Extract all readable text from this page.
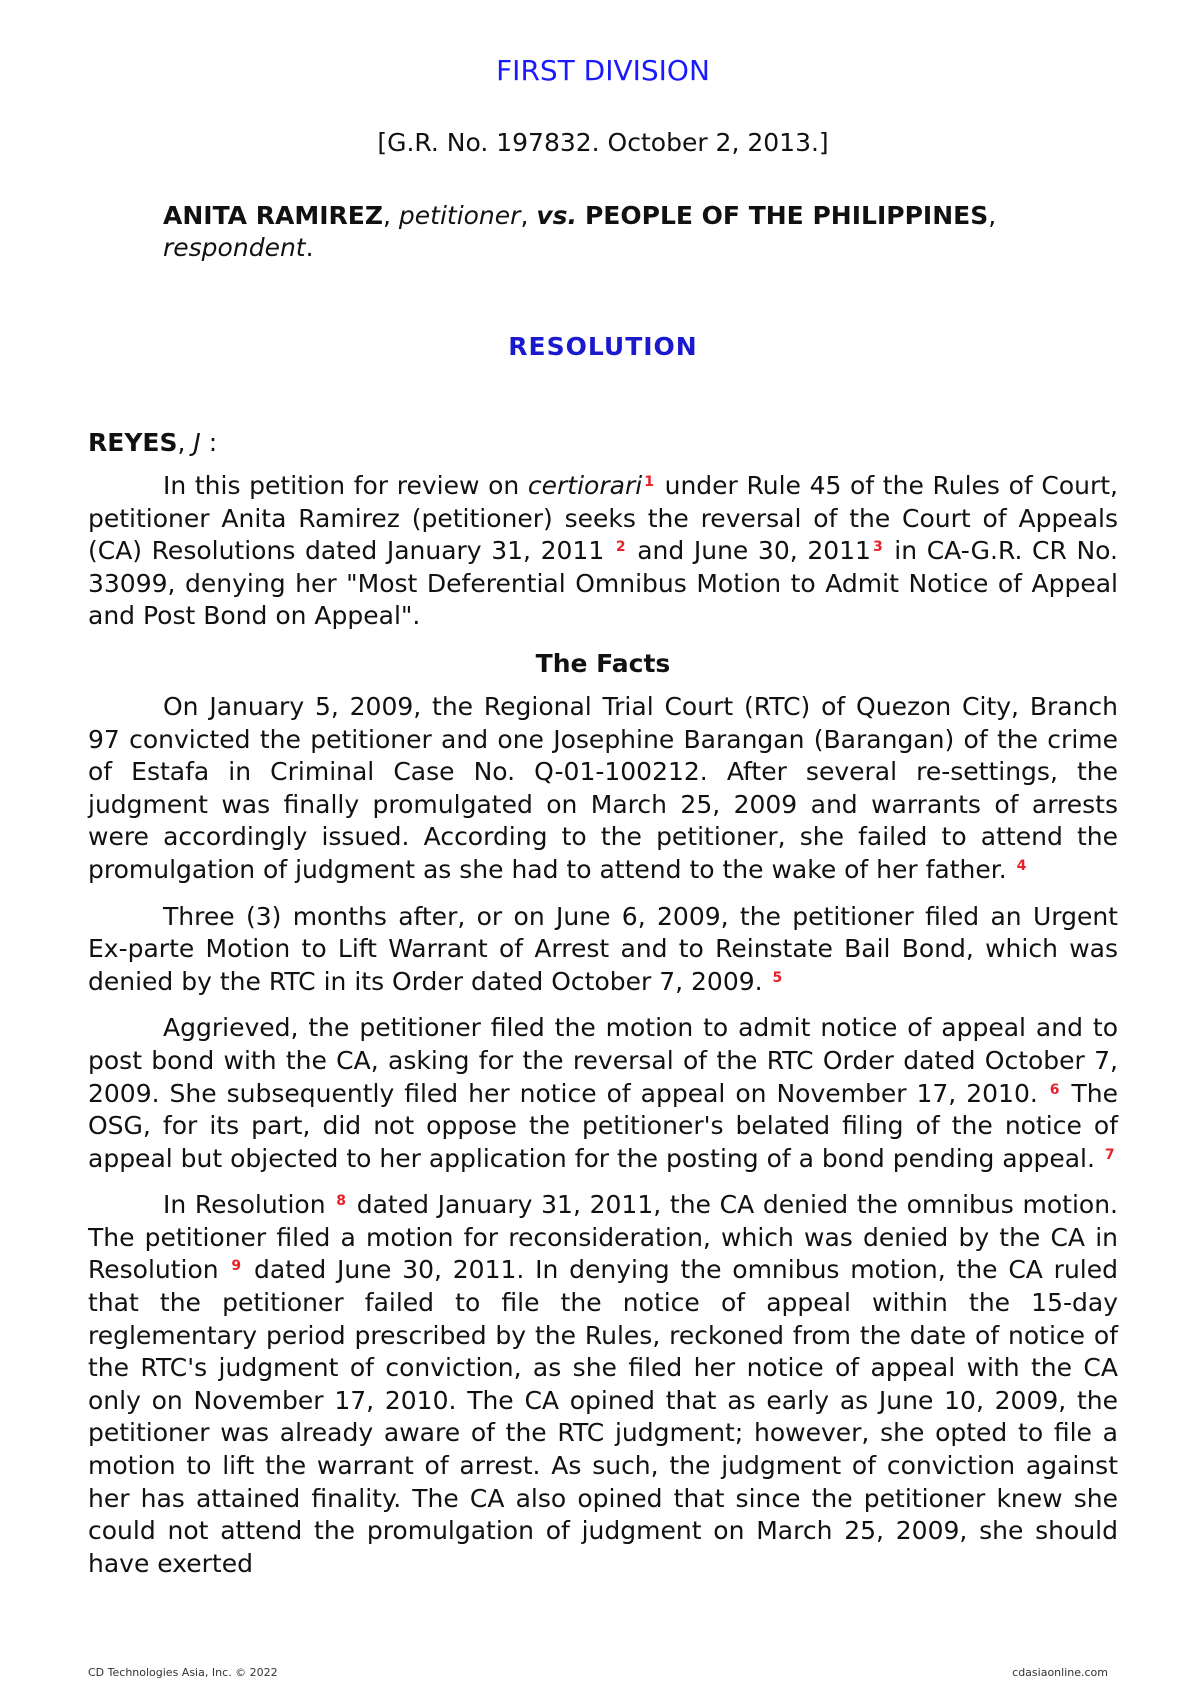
FIRST DIVISION
[G.R. No. 197832. October 2, 2013.]
ANITA RAMIREZ, petitioner, vs. PEOPLE OF THE PHILIPPINES,
respondent.
RESOLUTION
REYES, J :

In this petition for review on certiorari $^1$ under Rule 45 of the Rules of Court, petitioner Anita Ramirez (petitioner) seeks the reversal of the Court of Appeals (CA) Resolutions dated January 31, 2011 $^2$ and June 30, 2011 $^3$ in CA-G.R. CR No. 33099, denying her "Most Deferential Omnibus Motion to Admit Notice of Appeal and Post Bond on Appeal".

The Facts

On January 5, 2009, the Regional Trial Court (RTC) of Quezon City, Branch 97 convicted the petitioner and one Josephine Barangan (Barangan) of the crime of Estafa in Criminal Case No. Q-01-100212. After several re-settings, the judgment was finally promulgated on March 25, 2009 and warrants of arrests were accordingly issued. According to the petitioner, she failed to attend the promulgation of judgment as she had to attend to the wake of her father. $^4$

Three (3) months after, or on June 6, 2009, the petitioner filed an Urgent Ex-parte Motion to Lift Warrant of Arrest and to Reinstate Bail Bond, which was denied by the RTC in its Order dated October 7, 2009. $^5$

Aggrieved, the petitioner filed the motion to admit notice of appeal and to post bond with the CA, asking for the reversal of the RTC Order dated October 7, 2009. She subsequently filed her notice of appeal on November 17, 2010. $^6$ The OSG, for its part, did not oppose the petitioner's belated filing of the notice of appeal but objected to her application for the posting of a bond pending appeal. $^7$

In Resolution $^8$ dated January 31, 2011, the CA denied the omnibus motion. The petitioner filed a motion for reconsideration, which was denied by the CA in Resolution $^9$ dated June 30, 2011. In denying the omnibus motion, the CA ruled that the petitioner failed to file the notice of appeal within the 15-day reglementary period prescribed by the Rules, reckoned from the date of notice of the RTC's judgment of conviction, as she filed her notice of appeal with the CA only on November 17, 2010. The CA opined that as early as June 10, 2009, the petitioner was already aware of the RTC judgment; however, she opted to file a motion to lift the warrant of arrest. As such, the judgment of conviction against her has attained finality. The CA also opined that since the petitioner knew she could not attend the promulgation of judgment on March 25, 2009, she should have exerted

CD Technologies Asia, Inc. © 2022	cdasiaonline.com
